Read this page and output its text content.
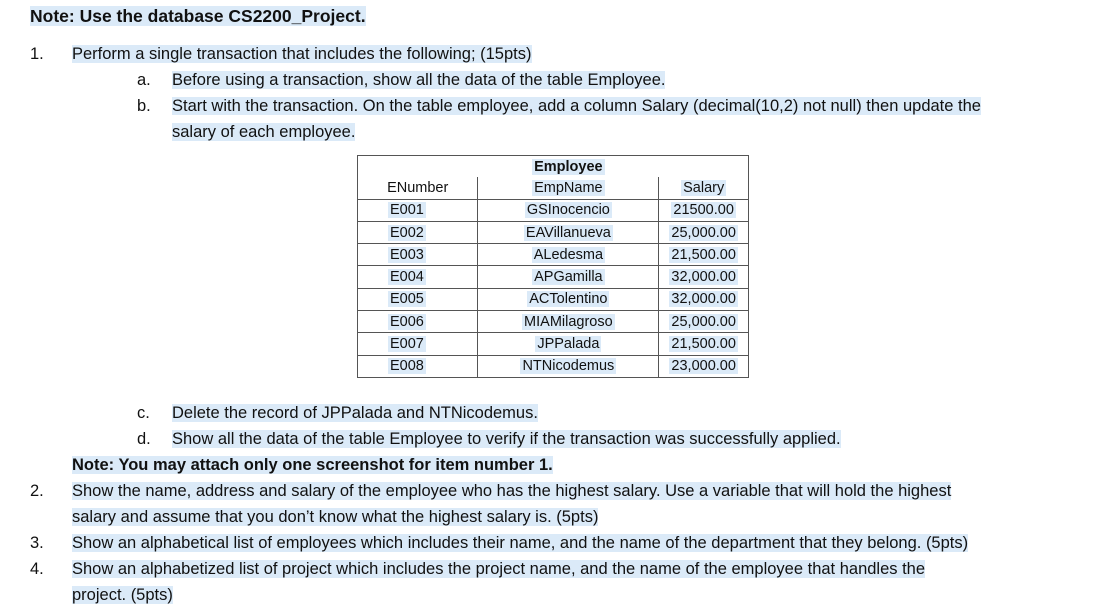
Note: Use the database CS2200_Project.
1. Perform a single transaction that includes the following; (15pts)
a. Before using a transaction, show all the data of the table Employee.
b. Start with the transaction. On the table employee, add a column Salary (decimal(10,2) not null) then update the
salary of each employee.
	Employee	
ENumber	EmpName	Salary
E001	GSInocencio	21500.00
E002	EAVillanueva	25,000.00
E003	ALedesma	21,500.00
E004	APGamilla	32,000.00
E005	ACTolentino	32,000.00
E006	MIAMilagroso	25,000.00
E007	JPPalada	21,500.00
E008	NTNicodemus	23,000.00
c. Delete the record of JPPalada and NTNicodemus.
d. Show all the data of the table Employee to verify if the transaction was successfully applied.
Note: You may attach only one screenshot for item number 1.
2. Show the name, address and salary of the employee who has the highest salary. Use a variable that will hold the highest
salary and assume that you don’t know what the highest salary is. (5pts)
3. Show an alphabetical list of employees which includes their name, and the name of the department that they belong. (5pts)
4. Show an alphabetized list of project which includes the project name, and the name of the employee that handles the
project. (5pts)
